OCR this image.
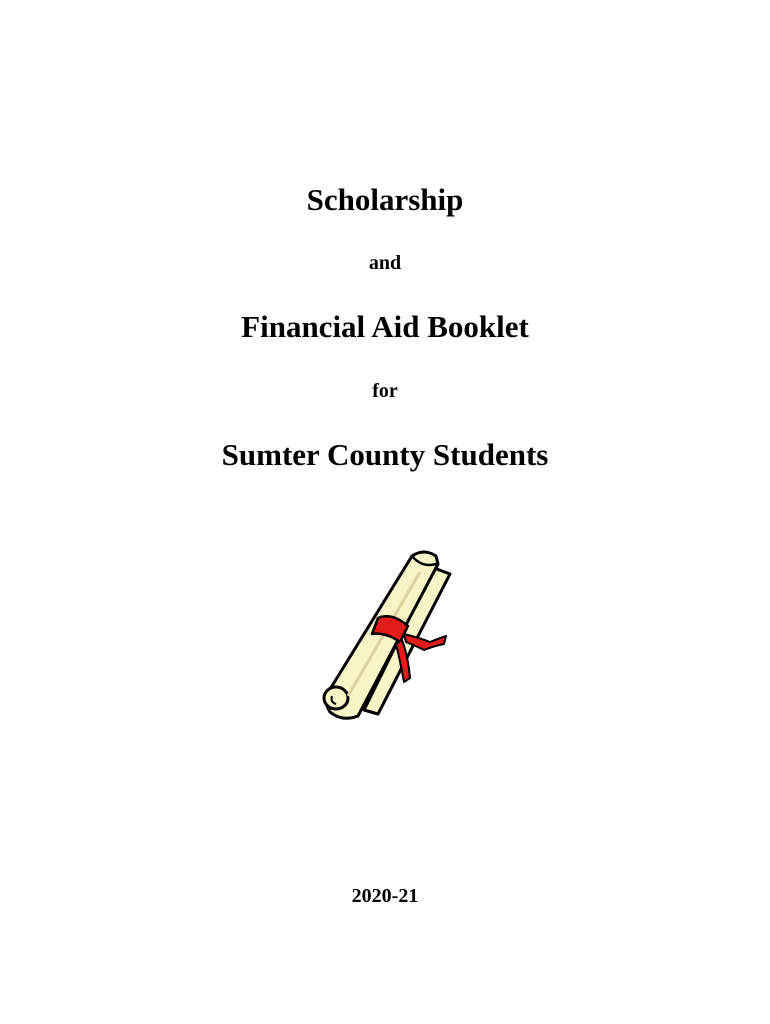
Scholarship
and
Financial Aid Booklet
for
Sumter County Students
2020-21
